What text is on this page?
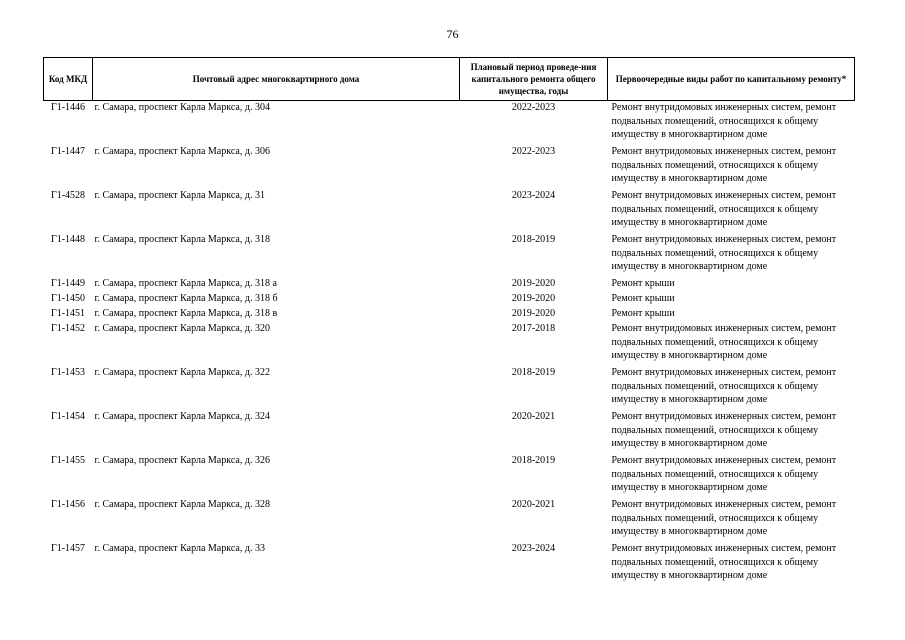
76
Код МКД	Почтовый адрес многоквартирного дома	Плановый период проведе-ния капитального ремонта общего имущества, годы	Первоочередные виды работ по капитальному ремонту*
Г1-1446	г. Самара, проспект Карла Маркса, д. 304	2022-2023	Ремонт внутридомовых инженерных систем, ремонт подвальных помещений, относящихся к общему имуществу в многоквартирном доме
Г1-1447	г. Самара, проспект Карла Маркса, д. 306	2022-2023	Ремонт внутридомовых инженерных систем, ремонт подвальных помещений, относящихся к общему имуществу в многоквартирном доме
Г1-4528	г. Самара, проспект Карла Маркса, д. 31	2023-2024	Ремонт внутридомовых инженерных систем, ремонт подвальных помещений, относящихся к общему имуществу в многоквартирном доме
Г1-1448	г. Самара, проспект Карла Маркса, д. 318	2018-2019	Ремонт внутридомовых инженерных систем, ремонт подвальных помещений, относящихся к общему имуществу в многоквартирном доме
Г1-1449	г. Самара, проспект Карла Маркса, д. 318 а	2019-2020	Ремонт крыши
Г1-1450	г. Самара, проспект Карла Маркса, д. 318 б	2019-2020	Ремонт крыши
Г1-1451	г. Самара, проспект Карла Маркса, д. 318 в	2019-2020	Ремонт крыши
Г1-1452	г. Самара, проспект Карла Маркса, д. 320	2017-2018	Ремонт внутридомовых инженерных систем, ремонт подвальных помещений, относящихся к общему имуществу в многоквартирном доме
Г1-1453	г. Самара, проспект Карла Маркса, д. 322	2018-2019	Ремонт внутридомовых инженерных систем, ремонт подвальных помещений, относящихся к общему имуществу в многоквартирном доме
Г1-1454	г. Самара, проспект Карла Маркса, д. 324	2020-2021	Ремонт внутридомовых инженерных систем, ремонт подвальных помещений, относящихся к общему имуществу в многоквартирном доме
Г1-1455	г. Самара, проспект Карла Маркса, д. 326	2018-2019	Ремонт внутридомовых инженерных систем, ремонт подвальных помещений, относящихся к общему имуществу в многоквартирном доме
Г1-1456	г. Самара, проспект Карла Маркса, д. 328	2020-2021	Ремонт внутридомовых инженерных систем, ремонт подвальных помещений, относящихся к общему имуществу в многоквартирном доме
Г1-1457	г. Самара, проспект Карла Маркса, д. 33	2023-2024	Ремонт внутридомовых инженерных систем, ремонт подвальных помещений, относящихся к общему имуществу в многоквартирном доме
